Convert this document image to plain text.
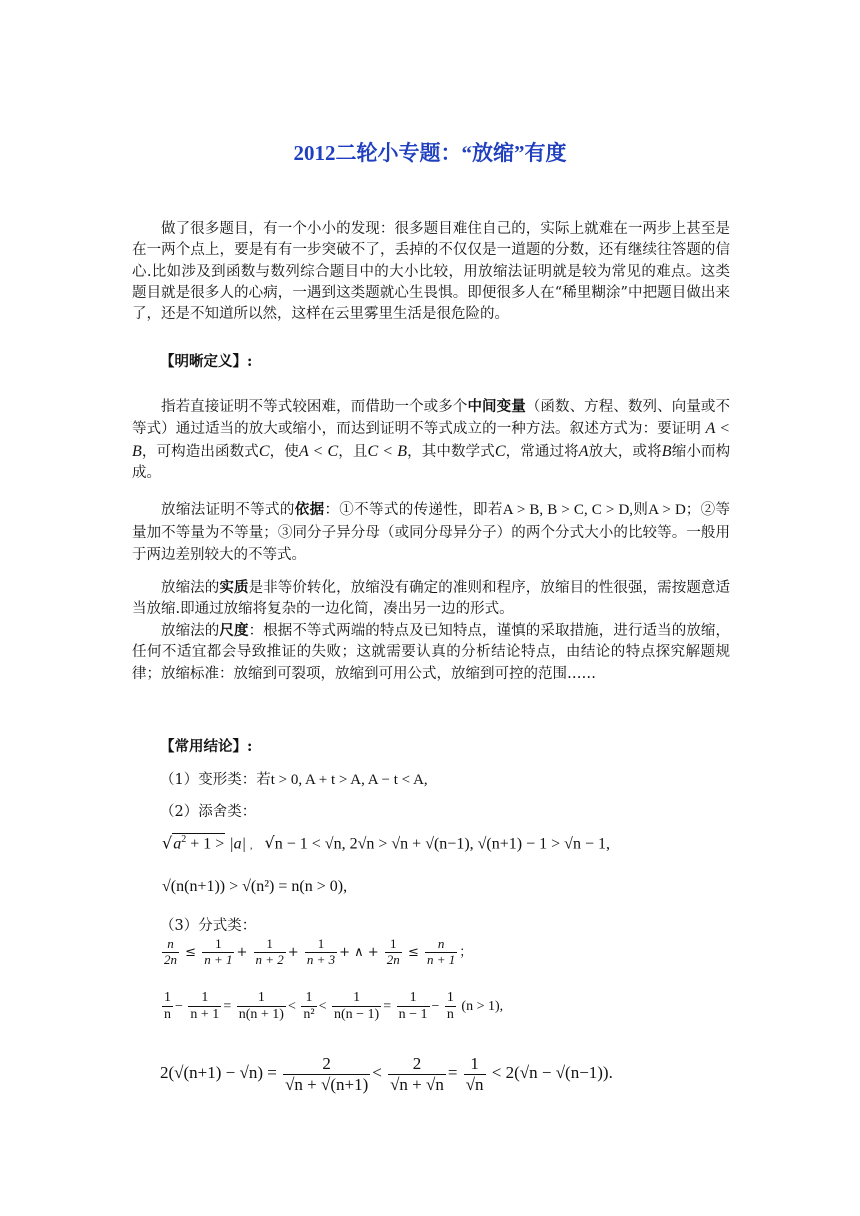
2012二轮小专题：“放缩”有度
做了很多题目，有一个小小的发现：很多题目难住自己的，实际上就难在一两步上甚至是在一两个点上，要是有有一步突破不了，丢掉的不仅仅是一道题的分数，还有继续往答题的信心.比如涉及到函数与数列综合题目中的大小比较，用放缩法证明就是较为常见的难点。这类题目就是很多人的心病，一遇到这类题就心生畏惧。即便很多人在“稀里糊涂”中把题目做出来了，还是不知道所以然，这样在云里雾里生活是很危险的。
【明晰定义】:
指若直接证明不等式较困难，而借助一个或多个中间变量（函数、方程、数列、向量或不等式）通过适当的放大或缩小，而达到证明不等式成立的一种方法。叙述方式为：要证明 A < B，可构造出函数式C，使A < C，且C < B，其中数学式C，常通过将A放大，或将B缩小而构成。
放缩法证明不等式的依据：①不等式的传递性，即若A > B, B > C, C > D,则A > D；②等量加不等量为不等量；③同分子异分母（或同分母异分子）的两个分式大小的比较等。一般用于两边差别较大的不等式。
放缩法的实质是非等价转化，放缩没有确定的准则和程序，放缩目的性很强，需按题意适当放缩.即通过放缩将复杂的一边化简，凑出另一边的形式。
放缩法的尺度：根据不等式两端的特点及已知特点，谨慎的采取措施，进行适当的放缩，任何不适宜都会导致推证的失败；这就需要认真的分析结论特点，由结论的特点探究解题规律；放缩标准：放缩到可裂项，放缩到可用公式，放缩到可控的范围……
【常用结论】:
（1）变形类：若t > 0, A + t > A, A − t < A,
（2）添舍类：
$√a^2 + 1 > |a|$ , √n − 1 < √n, 2√n > √n + √(n−1), √(n+1) − 1 > √n − 1,
√(n(n+1)) > √(n²) = n(n > 0),
（3）分式类：
$\frac{n}{2n} \le \frac{1}{n + 1} + \frac{1}{n + 2} + \frac{1}{n + 3}$ + ∧ + $\frac{1}{2n} \le \frac{n}{n + 1}$ ；
$\frac{1}{n} - \frac{1}{n + 1} = \frac{1}{n(n + 1)} < \frac{1}{\text{n²}} < \frac{1}{n(n - 1)} = \frac{1}{n - 1} - \frac{1}{n} (n > 1)$,
$2(√(n+1) - √n) = \frac{2}{√n + √(n+1)} < \frac{2}{√n + √n} = \frac{1}{√n} < 2(√n - √(n-1))$.
